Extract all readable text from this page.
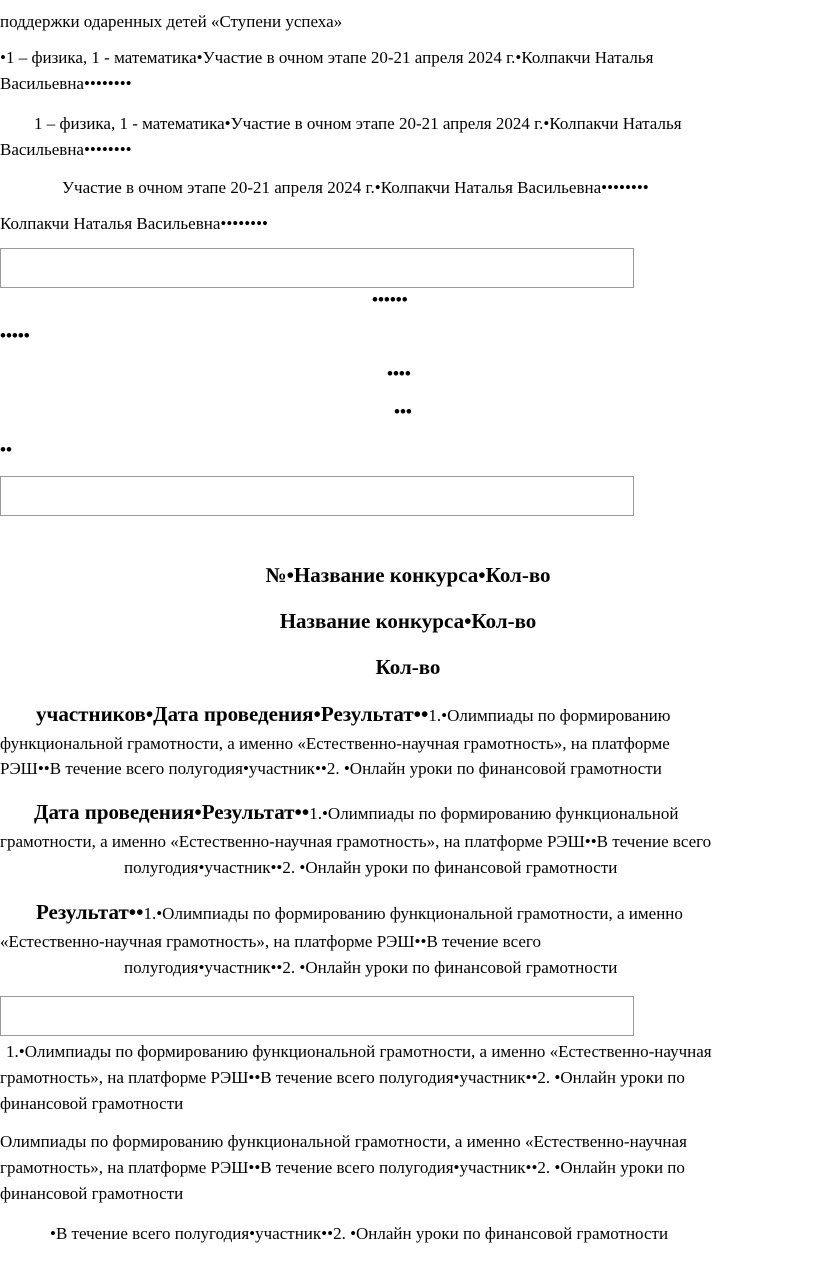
поддержки одаренных детей «Ступени успеха»
•1 – физика, 1 - математика•Участие в очном этапе 20-21 апреля 2024 г.•Колпакчи Наталья
Васильевна••••••••
1 – физика, 1 - математика•Участие в очном этапе 20-21 апреля 2024 г.•Колпакчи Наталья
Васильевна••••••••
Участие в очном этапе 20-21 апреля 2024 г.•Колпакчи Наталья Васильевна••••••••
Колпакчи Наталья Васильевна••••••••
••••••
•••••
••••
•••
••
№•Название конкурса•Кол-во
Название конкурса•Кол-во
Кол-во
участников•Дата проведения•Результат••1.•Олимпиады по формированию
функциональной грамотности, а именно «Естественно-научная грамотность», на платформе
РЭШ••В течение всего полугодия•участник••2. •Онлайн уроки по финансовой грамотности
Дата проведения•Результат••1.•Олимпиады по формированию функциональной
грамотности, а именно «Естественно-научная грамотность», на платформе РЭШ••В течение всего
полугодия•участник••2. •Онлайн уроки по финансовой грамотности
Результат••1.•Олимпиады по формированию функциональной грамотности, а именно
«Естественно-научная грамотность», на платформе РЭШ••В течение всего
полугодия•участник••2. •Онлайн уроки по финансовой грамотности
1.•Олимпиады по формированию функциональной грамотности, а именно «Естественно-научная
грамотность», на платформе РЭШ••В течение всего полугодия•участник••2. •Онлайн уроки по
финансовой грамотности
Олимпиады по формированию функциональной грамотности, а именно «Естественно-научная
грамотность», на платформе РЭШ••В течение всего полугодия•участник••2. •Онлайн уроки по
финансовой грамотности
•В течение всего полугодия•участник••2. •Онлайн уроки по финансовой грамотности
